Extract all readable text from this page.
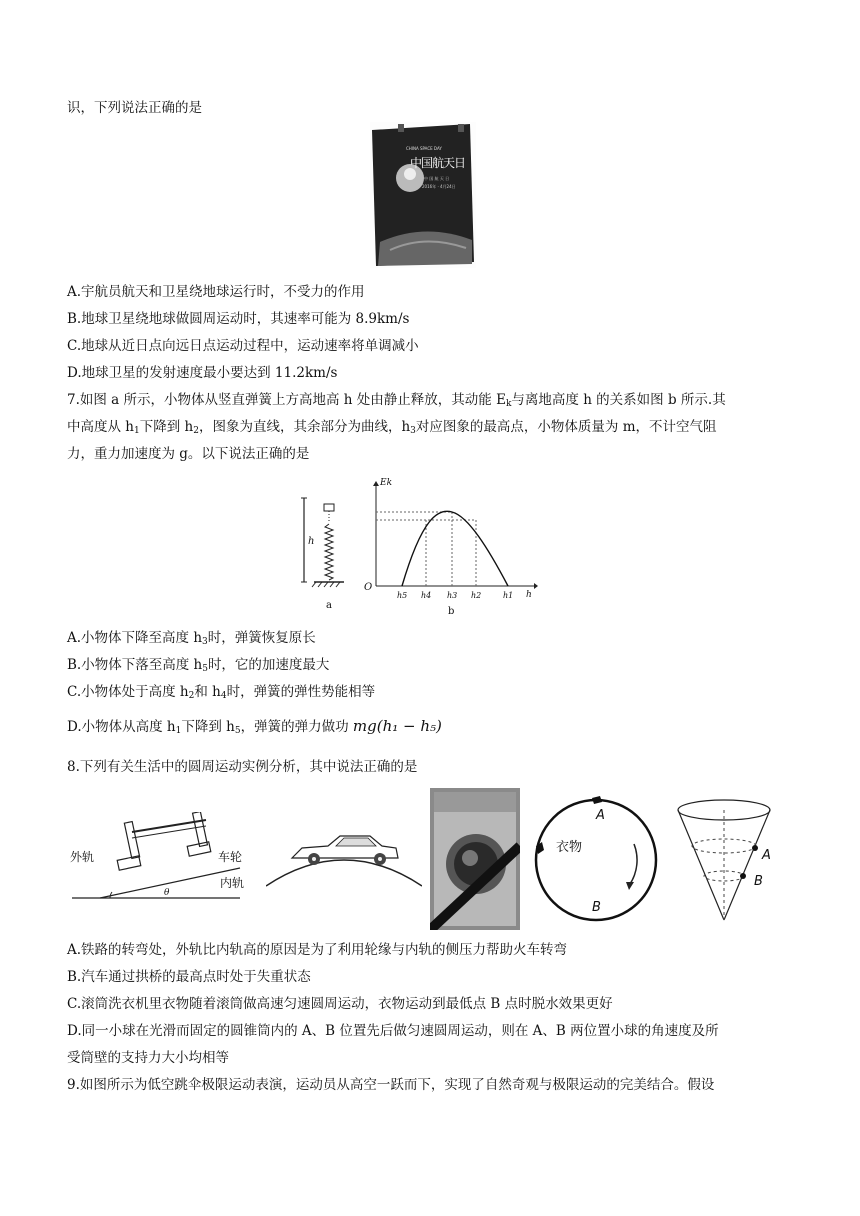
识，下列说法正确的是
CHINA SPACE DAY
中国航天日
中 国 航 天 日
2016年 · 4月24日
A.宇航员航天和卫星绕地球运行时，不受力的作用
B.地球卫星绕地球做圆周运动时，其速率可能为 8.9km/s
C.地球从近日点向远日点运动过程中，运动速率将单调减小
D.地球卫星的发射速度最小要达到 11.2km/s
7.如图 a 所示，小物体从竖直弹簧上方高地高 h 处由静止释放，其动能 $E_k$与离地高度 h 的关系如图 b 所示.其
中高度从 $h_1$下降到 $h_2$，图象为直线，其余部分为曲线，$h_3$对应图象的最高点，小物体质量为 m，不计空气阻
力，重力加速度为 g。以下说法正确的是
h
a
Ek
O
h5 h4 h3 h2	h1 h
b
A.小物体下降至高度 $h_3$时，弹簧恢复原长
B.小物体下落至高度 $h_5$时，它的加速度最大
C.小物体处于高度 $h_2$和 $h_4$时，弹簧的弹性势能相等
D.小物体从高度 $h_1$下降到 $h_5$，弹簧的弹力做功 mg(h₁ − h₅)
8.下列有关生活中的圆周运动实例分析，其中说法正确的是
外轨	车轮
内轨
θ
A
衣物
B
A
B
A.铁路的转弯处，外轨比内轨高的原因是为了利用轮缘与内轨的侧压力帮助火车转弯
B.汽车通过拱桥的最高点时处于失重状态
C.滚筒洗衣机里衣物随着滚筒做高速匀速圆周运动，衣物运动到最低点 B 点时脱水效果更好
D.同一小球在光滑而固定的圆锥筒内的 A、B 位置先后做匀速圆周运动，则在 A、B 两位置小球的角速度及所
受筒壁的支持力大小均相等
9.如图所示为低空跳伞极限运动表演，运动员从高空一跃而下，实现了自然奇观与极限运动的完美结合。假设
